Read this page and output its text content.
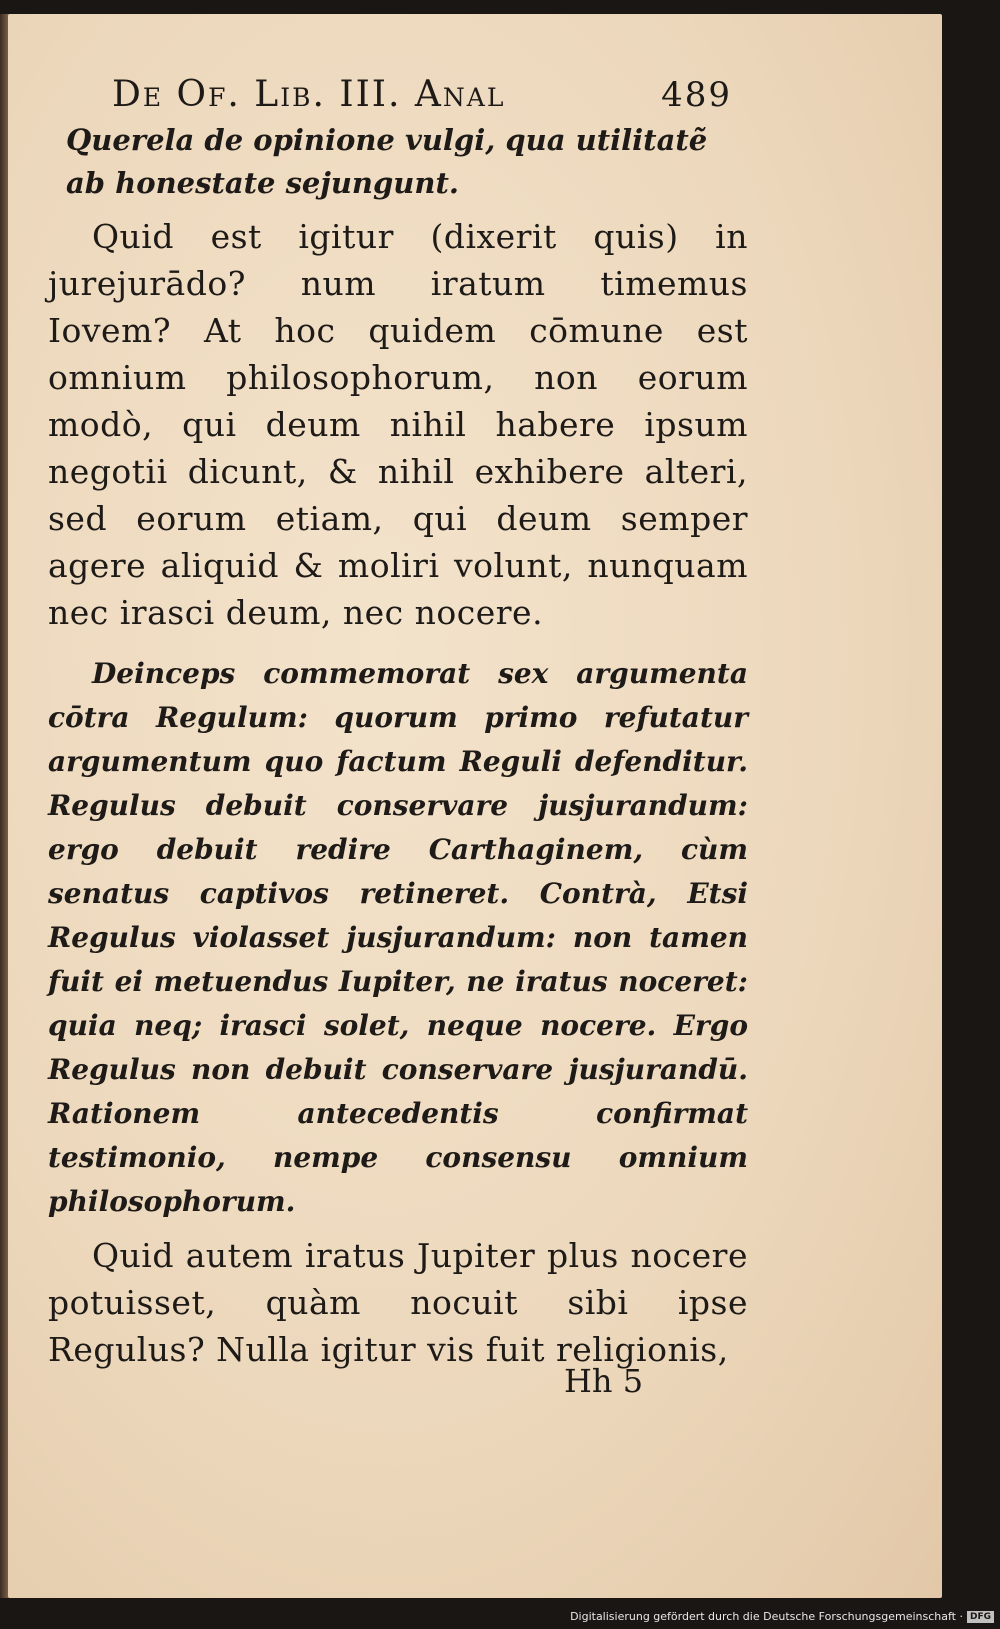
De Of. Lib. III. Anal	489

Querela de opinione vulgi, qua utilitatẽ ab honestate sejungunt.

Quid est igitur (dixerit quis) in jurejurādo? num iratum timemus Iovem? At hoc quidem cōmune est omnium philosophorum, non eorum modò, qui deum nihil habere ipsum negotii dicunt, & nihil exhibere alteri, sed eorum etiam, qui deum semper agere aliquid & moliri volunt, nunquam nec irasci deum, nec nocere.

Deinceps commemorat sex argumenta cōtra Regulum: quorum primo refutatur argumentum quo factum Reguli defenditur. Regulus debuit conservare jusjurandum: ergo debuit redire Carthaginem, cùm senatus captivos retineret. Contrà, Etsi Regulus violasset jusjurandum: non tamen fuit ei metuendus Iupiter, ne iratus noceret: quia neq; irasci solet, neque nocere. Ergo Regulus non debuit conservare jusjurandū. Rationem antecedentis confirmat testimonio, nempe consensu omnium philosophorum.

Quid autem iratus Jupiter plus nocere potuisset, quàm nocuit sibi ipse Regulus? Nulla igitur vis fuit religionis,

Hh 5
Digitalisierung gefördert durch die Deutsche Forschungsgemeinschaft · DFG
